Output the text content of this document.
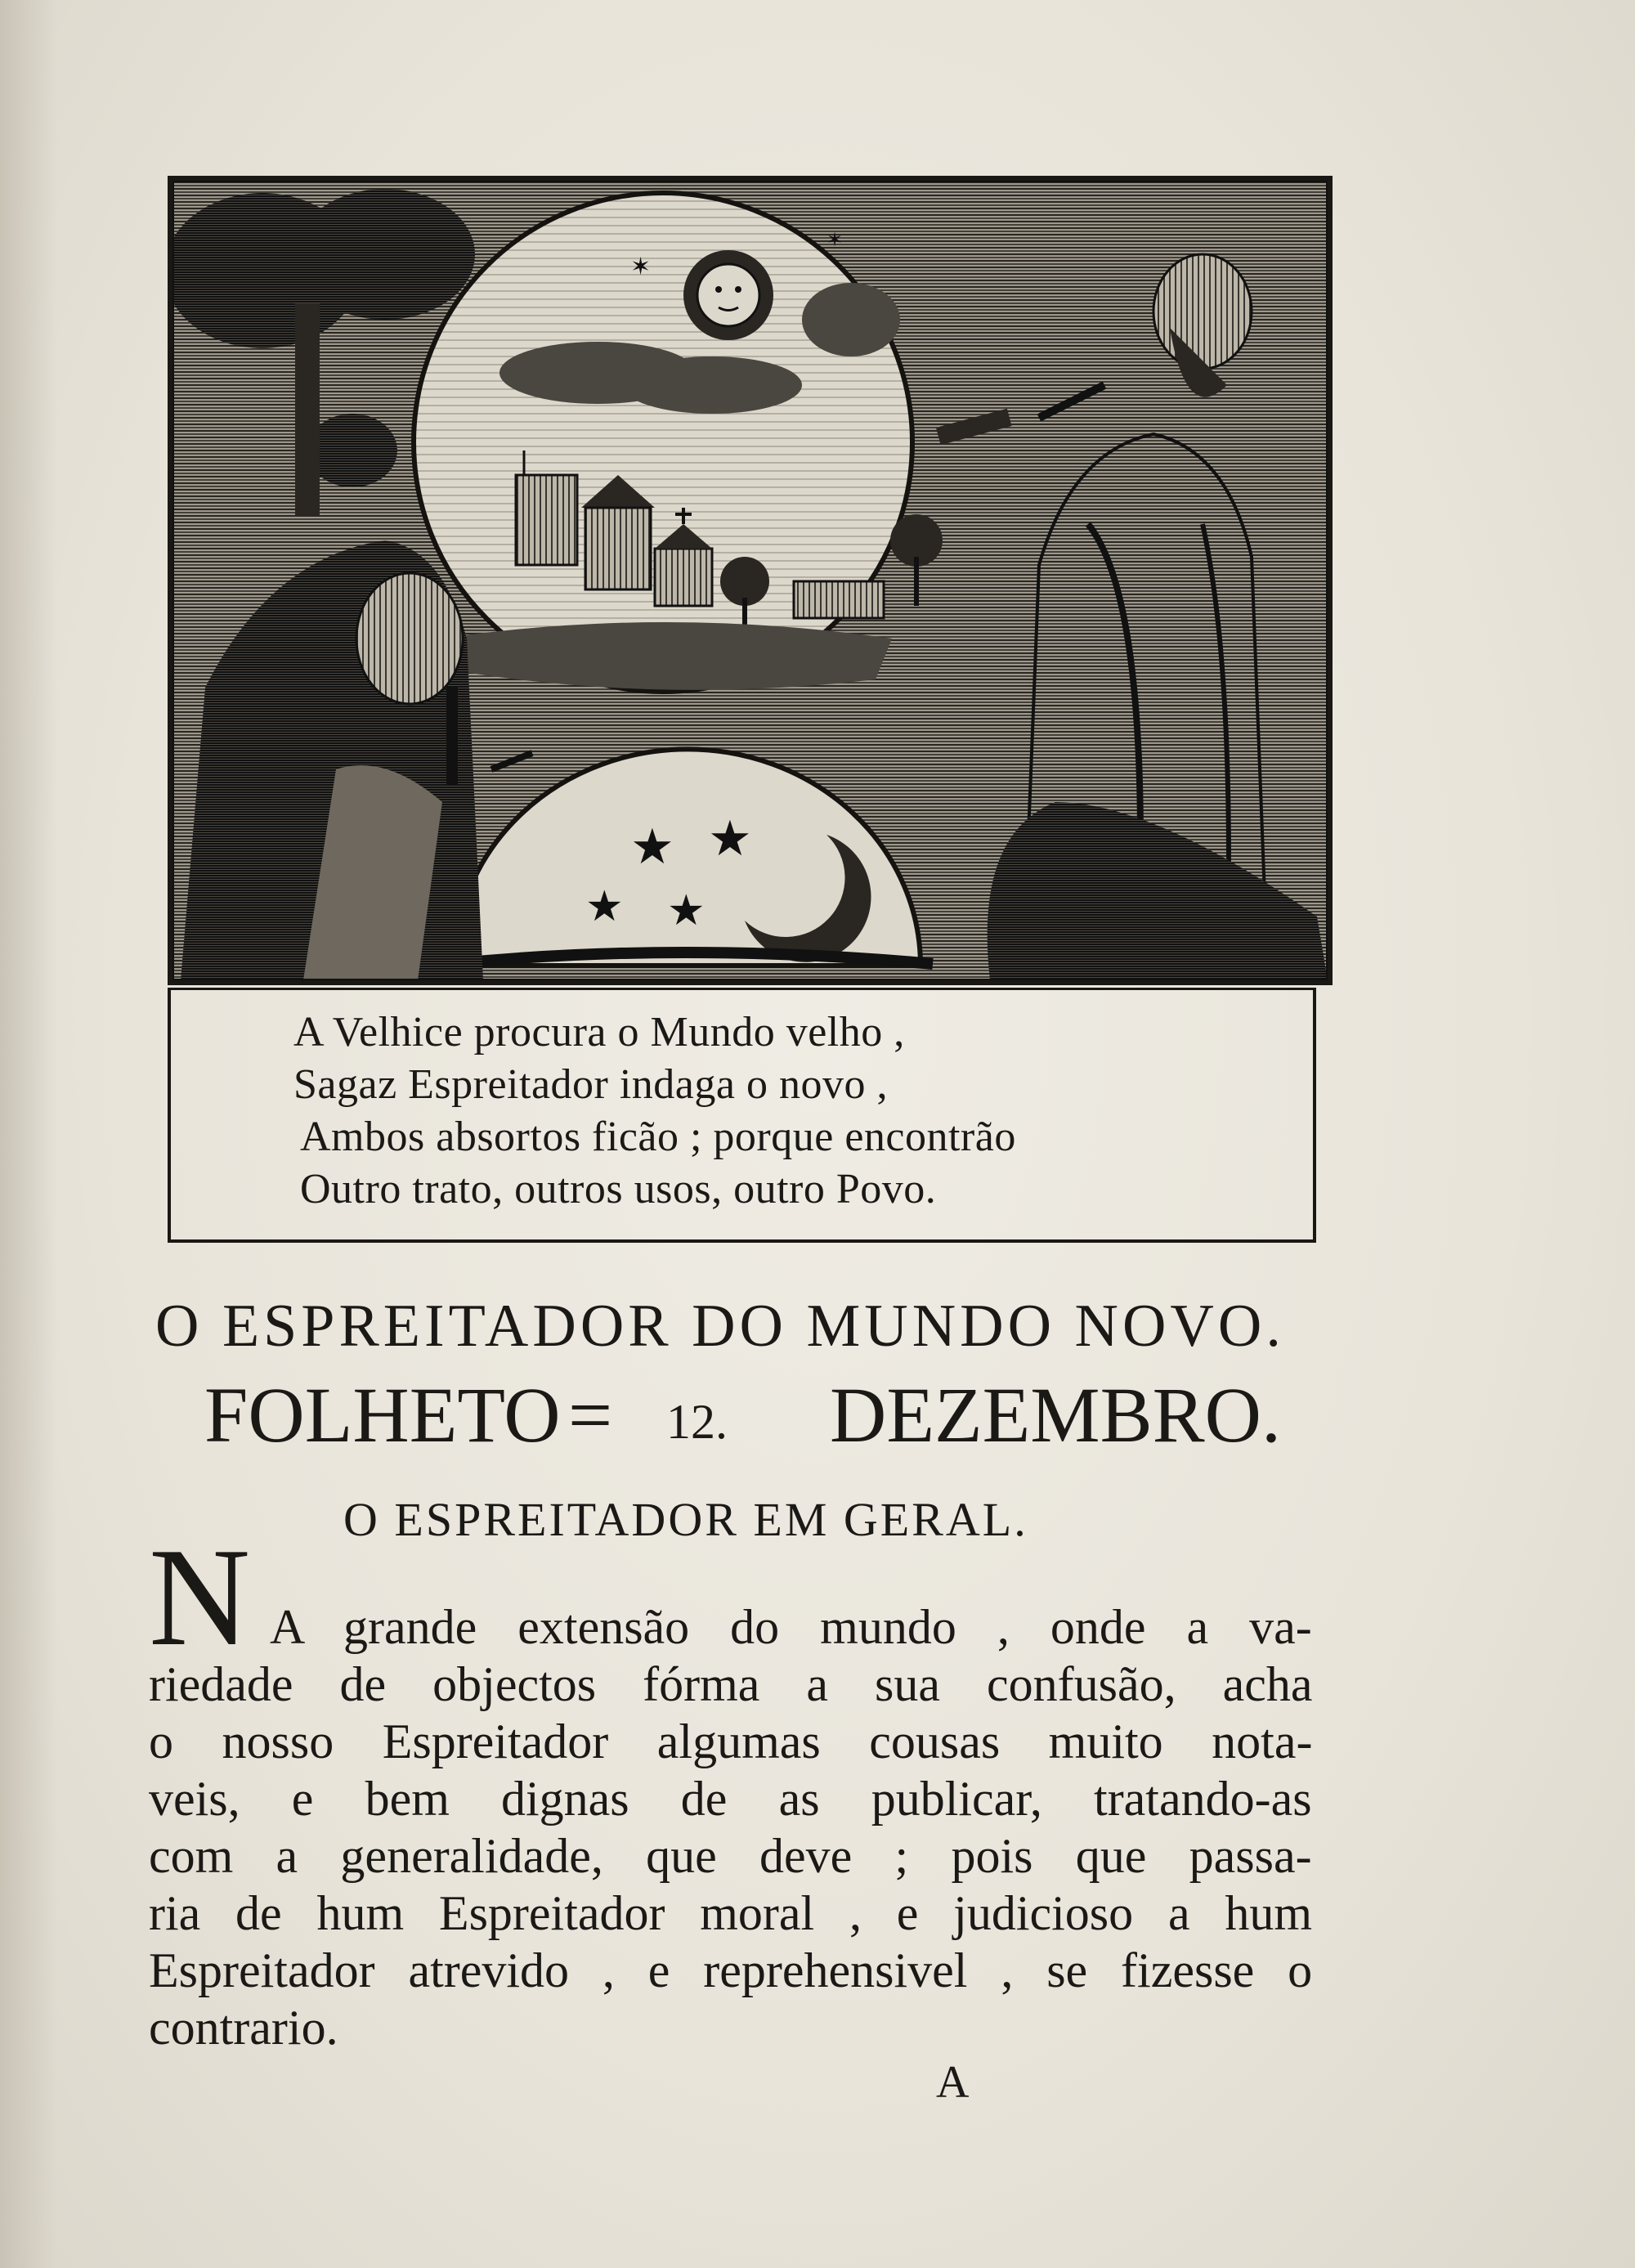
✶
✶
★ ★
★ ★
A Velhice procura o Mundo velho ,
Sagaz Espreitador indaga o novo ,
Ambos absortos ficão ; porque encontrão
Outro trato, outros usos, outro Povo.
O ESPREITADOR DO MUNDO NOVO.
FOLHETO = 12. DEZEMBRO.
O ESPREITADOR EM GERAL.
N A grande extensão do mundo , onde a va-
riedade de objectos fórma a sua confusão, acha
o nosso Espreitador algumas cousas muito nota-
veis, e bem dignas de as publicar, tratando-as
com a generalidade, que deve ; pois que passa-
ria de hum Espreitador moral , e judicioso a hum
Espreitador atrevido , e reprehensivel , se fizesse o
contrario.
A
